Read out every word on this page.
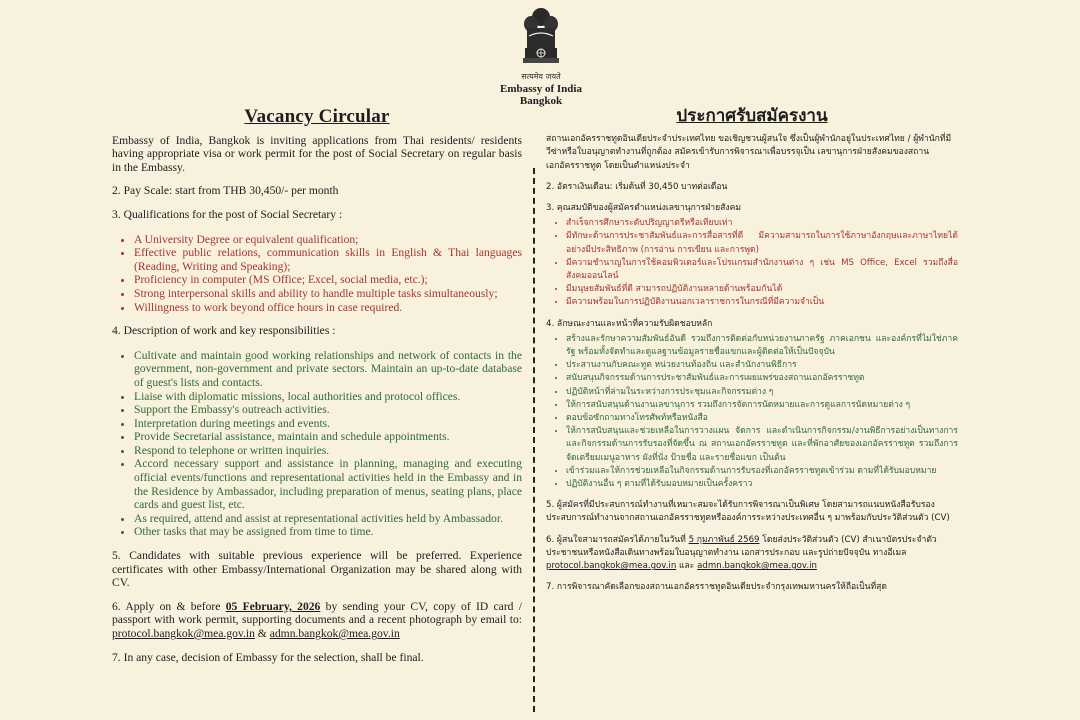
सत्यमेव जयते
Embassy of India
Bangkok
Vacancy Circular

Embassy of India, Bangkok is inviting applications from Thai residents/ residents having appropriate visa or work permit for the post of Social Secretary on regular basis in the Embassy.

2. Pay Scale: start from THB 30,450/- per month

3. Qualifications for the post of Social Secretary :

• A University Degree or equivalent qualification;
• Effective public relations, communication skills in English & Thai languages (Reading, Writing and Speaking);
• Proficiency in computer (MS Office; Excel, social media, etc.);
• Strong interpersonal skills and ability to handle multiple tasks simultaneously;
• Willingness to work beyond office hours in case required.

4. Description of work and key responsibilities :

• Cultivate and maintain good working relationships and network of contacts in the government, non-government and private sectors. Maintain an up-to-date database of guest's lists and contacts.
• Liaise with diplomatic missions, local authorities and protocol offices.
• Support the Embassy's outreach activities.
• Interpretation during meetings and events.
• Provide Secretarial assistance, maintain and schedule appointments.
• Respond to telephone or written inquiries.
• Accord necessary support and assistance in planning, managing and executing official events/functions and representational activities held in the Embassy and in the Residence by Ambassador, including preparation of menus, seating plans, place cards and guest list, etc.
• As required, attend and assist at representational activities held by Ambassador.
• Other tasks that may be assigned from time to time.

5. Candidates with suitable previous experience will be preferred. Experience certificates with other Embassy/International Organization may be shared along with CV.

6. Apply on & before 05 February, 2026 by sending your CV, copy of ID card / passport with work permit, supporting documents and a recent photograph by email to: protocol.bangkok@mea.gov.in & admn.bangkok@mea.gov.in

7. In any case, decision of Embassy for the selection, shall be final.

ประกาศรับสมัครงาน

สถานเอกอัครราชทูตอินเดียประจำประเทศไทย ขอเชิญชวนผู้สนใจ ซึ่งเป็นผู้พำนักอยู่ในประเทศไทย / ผู้พำนักที่มีวีซ่าหรือใบอนุญาตทำงานที่ถูกต้อง สมัครเข้ารับการพิจารณาเพื่อบรรจุเป็น เลขานุการฝ่ายสังคมของสถานเอกอัครราชทูต โดยเป็นตำแหน่งประจำ

2. อัตราเงินเดือน: เริ่มต้นที่ 30,450 บาทต่อเดือน

3. คุณสมบัติของผู้สมัครตำแหน่งเลขานุการฝ่ายสังคม

• สำเร็จการศึกษาระดับปริญญาตรีหรือเทียบเท่า
• มีทักษะด้านการประชาสัมพันธ์และการสื่อสารที่ดี มีความสามารถในการใช้ภาษาอังกฤษและภาษาไทยได้อย่างมีประสิทธิภาพ (การอ่าน การเขียน และการพูด)
• มีความชำนาญในการใช้คอมพิวเตอร์และโปรแกรมสำนักงานต่าง ๆ เช่น MS Office, Excel รวมถึงสื่อสังคมออนไลน์
• มีมนุษยสัมพันธ์ที่ดี สามารถปฏิบัติงานหลายด้านพร้อมกันได้
• มีความพร้อมในการปฏิบัติงานนอกเวลาราชการในกรณีที่มีความจำเป็น

4. ลักษณะงานและหน้าที่ความรับผิดชอบหลัก

• สร้างและรักษาความสัมพันธ์อันดี รวมถึงการติดต่อกับหน่วยงานภาครัฐ ภาคเอกชน และองค์กรที่ไม่ใช่ภาครัฐ พร้อมทั้งจัดทำและดูแลฐานข้อมูลรายชื่อแขกและผู้ติดต่อให้เป็นปัจจุบัน
• ประสานงานกับคณะทูต หน่วยงานท้องถิ่น และสำนักงานพิธีการ
• สนับสนุนกิจกรรมด้านการประชาสัมพันธ์และการเผยแพร่ของสถานเอกอัครราชทูต
• ปฏิบัติหน้าที่ล่ามในระหว่างการประชุมและกิจกรรมต่าง ๆ
• ให้การสนับสนุนด้านงานเลขานุการ รวมถึงการจัดการนัดหมายและการดูแลการนัดหมายต่าง ๆ
• ตอบข้อซักถามทางโทรศัพท์หรือหนังสือ
• ให้การสนับสนุนและช่วยเหลือในการวางแผน จัดการ และดำเนินการกิจกรรม/งานพิธีการอย่างเป็นทางการและกิจกรรมด้านการรับรองที่จัดขึ้น ณ สถานเอกอัครราชทูต และที่พักอาศัยของเอกอัครราชทูต รวมถึงการจัดเตรียมเมนูอาหาร ผังที่นั่ง ป้ายชื่อ และรายชื่อแขก เป็นต้น
• เข้าร่วมและให้การช่วยเหลือในกิจกรรมด้านการรับรองที่เอกอัครราชทูตเข้าร่วม ตามที่ได้รับมอบหมาย
• ปฏิบัติงานอื่น ๆ ตามที่ได้รับมอบหมายเป็นครั้งคราว

5. ผู้สมัครที่มีประสบการณ์ทำงานที่เหมาะสมจะได้รับการพิจารณาเป็นพิเศษ โดยสามารถแนบหนังสือรับรองประสบการณ์ทำงานจากสถานเอกอัครราชทูตหรือองค์การระหว่างประเทศอื่น ๆ มาพร้อมกับประวัติส่วนตัว (CV)

6. ผู้สนใจสามารถสมัครได้ภายในวันที่ 5 กุมภาพันธ์ 2569 โดยส่งประวัติส่วนตัว (CV) สำเนาบัตรประจำตัวประชาชนหรือหนังสือเดินทางพร้อมใบอนุญาตทำงาน เอกสารประกอบ และรูปถ่ายปัจจุบัน ทางอีเมล protocol.bangkok@mea.gov.in และ admn.bangkok@mea.gov.in

7. การพิจารณาคัดเลือกของสถานเอกอัครราชทูตอินเดียประจำกรุงเทพมหานครให้ถือเป็นที่สุด
